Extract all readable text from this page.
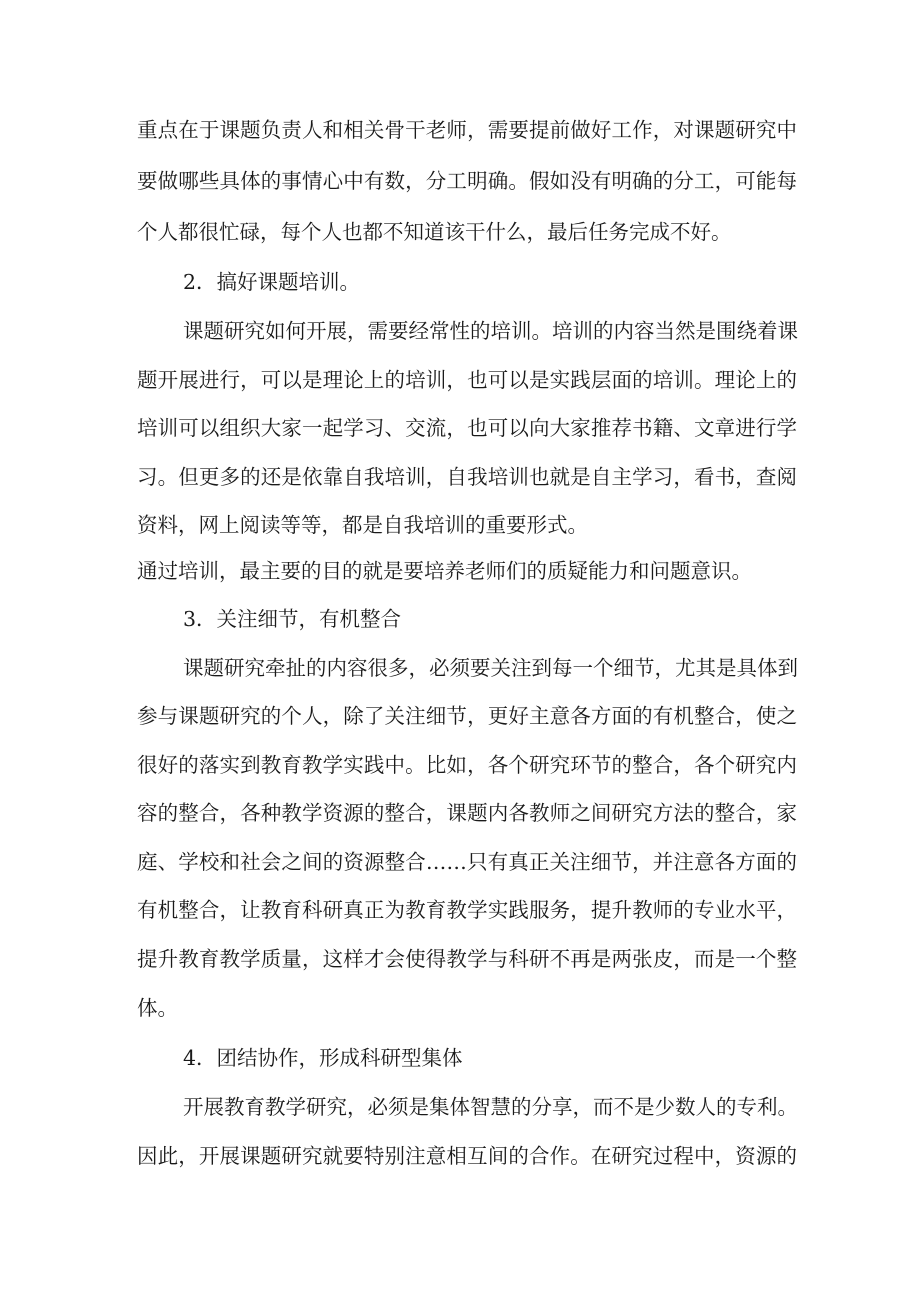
重点在于课题负责人和相关骨干老师，需要提前做好工作，对课题研究中
要做哪些具体的事情心中有数，分工明确。假如没有明确的分工，可能每
个人都很忙碌，每个人也都不知道该干什么，最后任务完成不好。
2．搞好课题培训。
课题研究如何开展，需要经常性的培训。培训的内容当然是围绕着课
题开展进行，可以是理论上的培训，也可以是实践层面的培训。理论上的
培训可以组织大家一起学习、交流，也可以向大家推荐书籍、文章进行学
习。但更多的还是依靠自我培训，自我培训也就是自主学习，看书，查阅
资料，网上阅读等等，都是自我培训的重要形式。
通过培训，最主要的目的就是要培养老师们的质疑能力和问题意识。
3．关注细节，有机整合
课题研究牵扯的内容很多，必须要关注到每一个细节，尤其是具体到
参与课题研究的个人，除了关注细节，更好主意各方面的有机整合，使之
很好的落实到教育教学实践中。比如，各个研究环节的整合，各个研究内
容的整合，各种教学资源的整合，课题内各教师之间研究方法的整合，家
庭、学校和社会之间的资源整合……只有真正关注细节，并注意各方面的
有机整合，让教育科研真正为教育教学实践服务，提升教师的专业水平，
提升教育教学质量，这样才会使得教学与科研不再是两张皮，而是一个整
体。
4．团结协作，形成科研型集体
开展教育教学研究，必须是集体智慧的分享，而不是少数人的专利。
因此，开展课题研究就要特别注意相互间的合作。在研究过程中，资源的
